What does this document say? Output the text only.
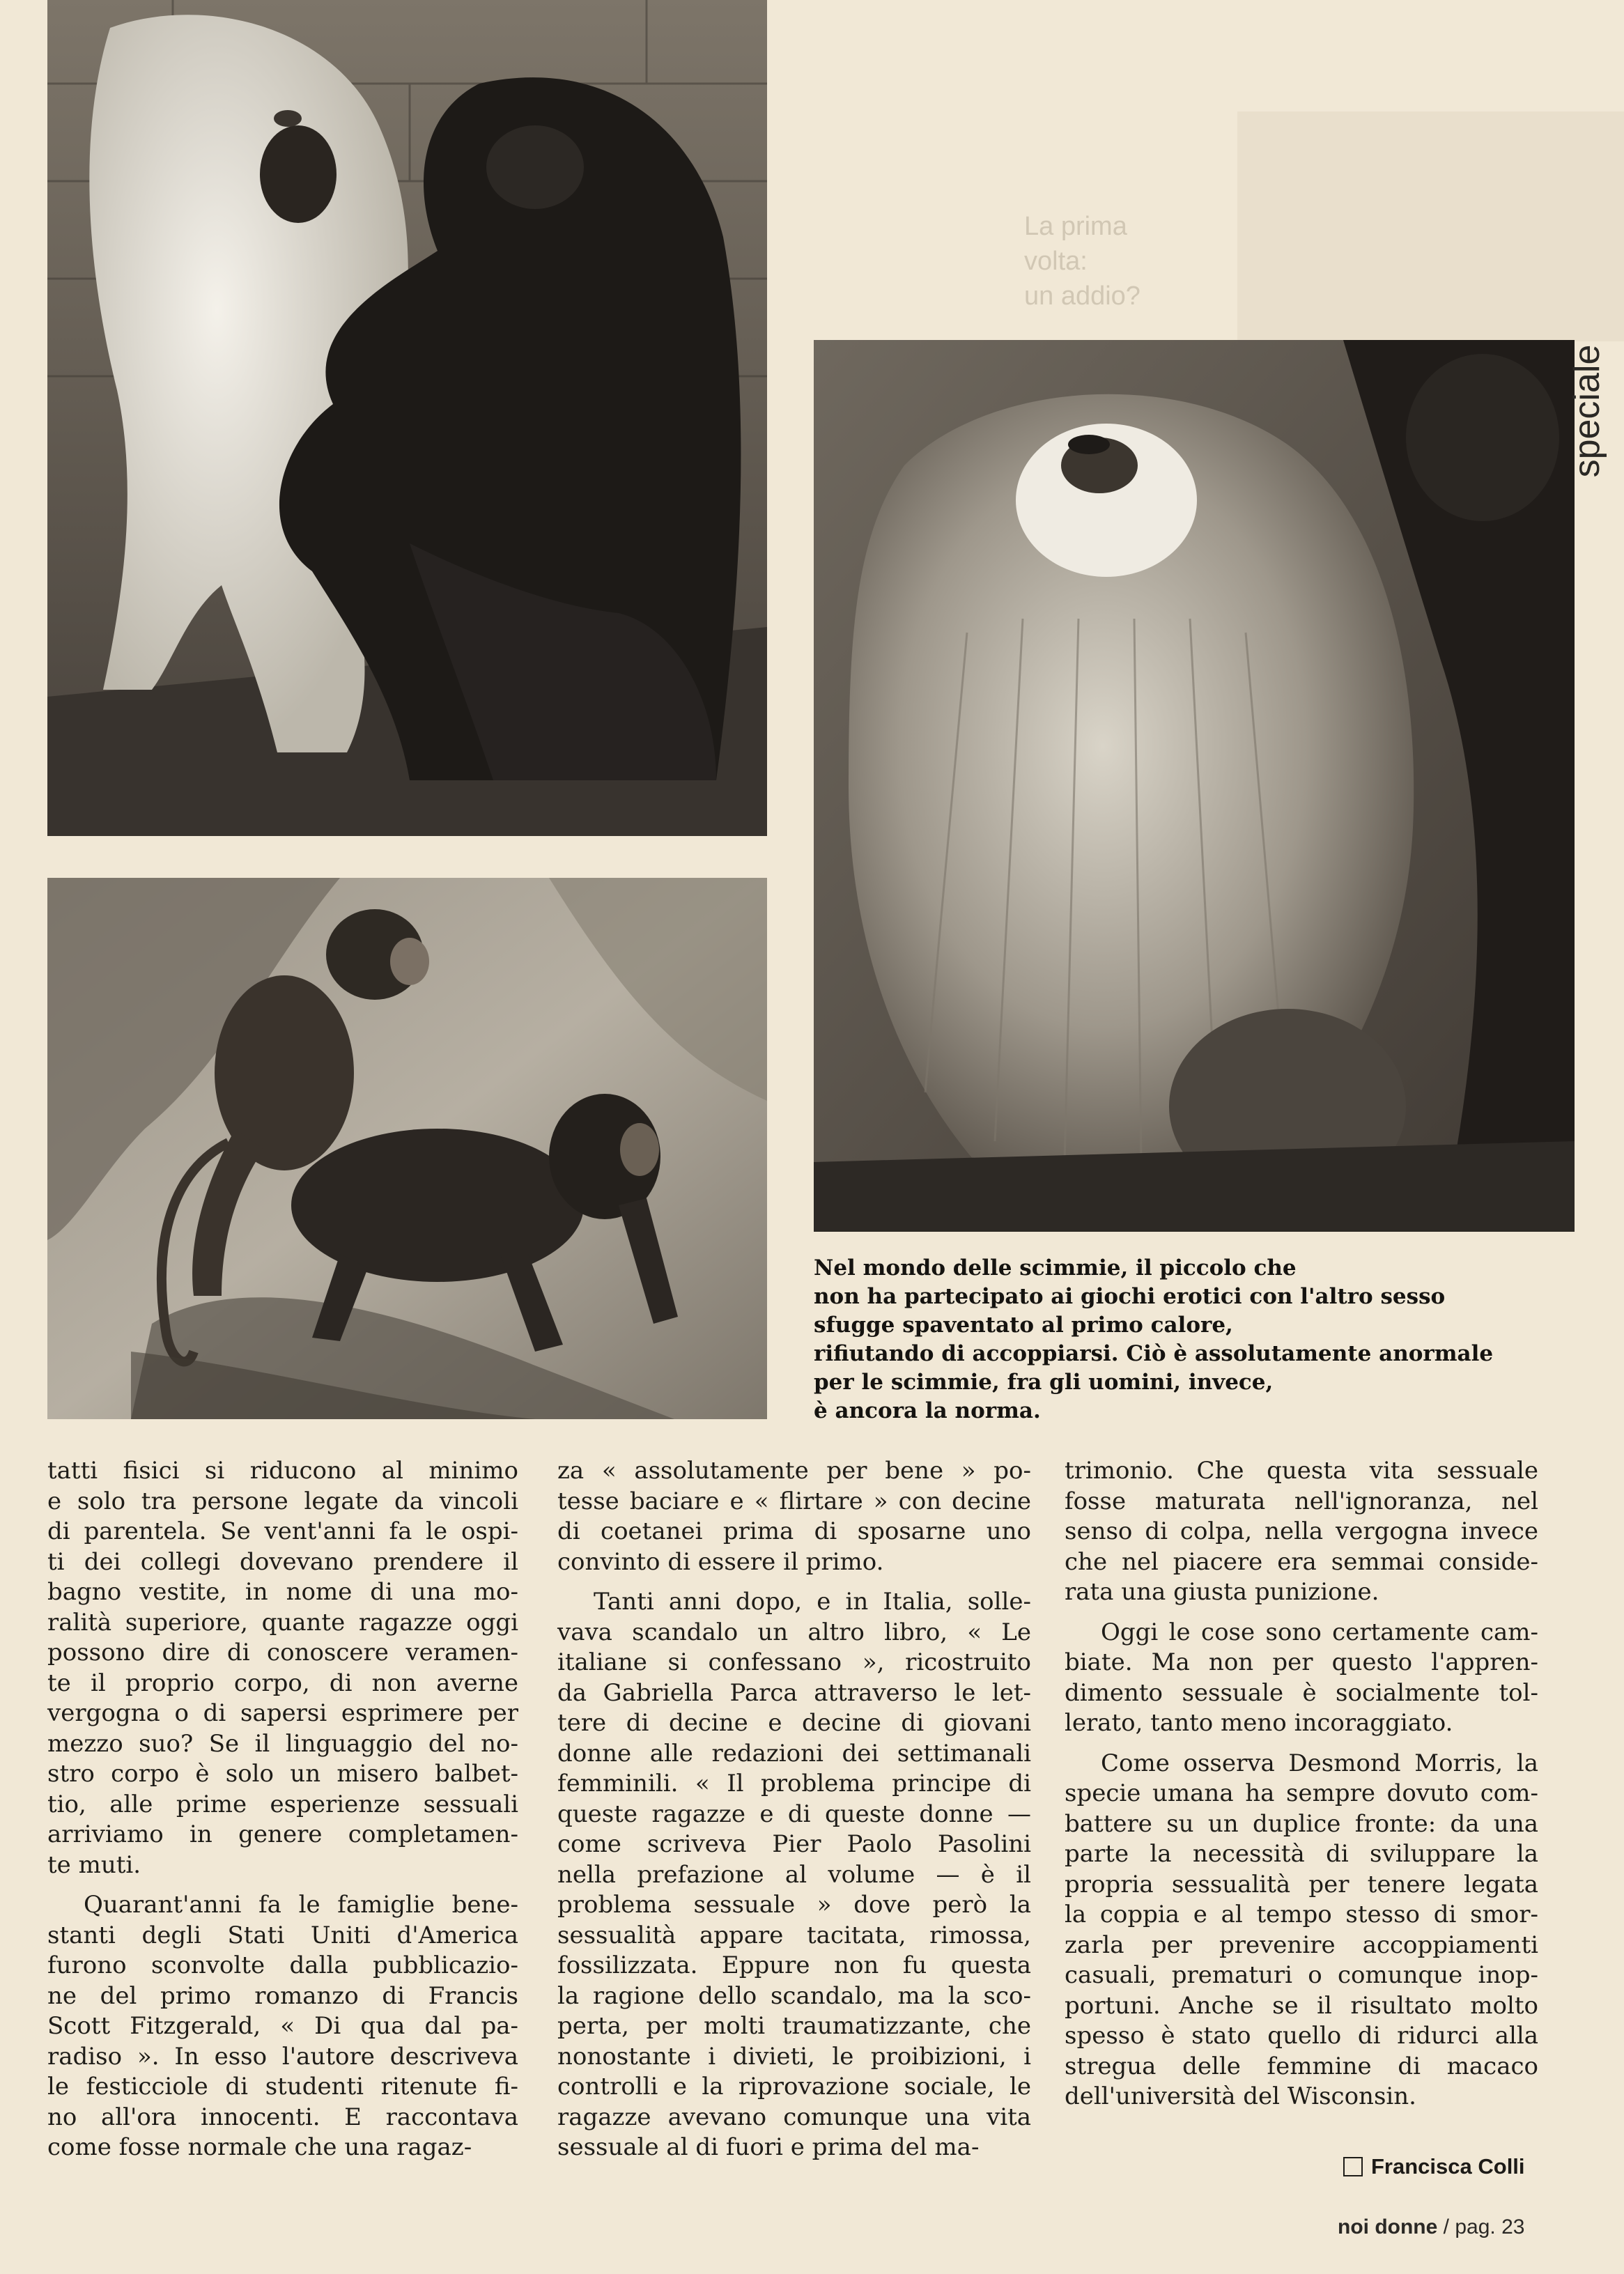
La prima
volta:
un addio?
speciale
Nel mondo delle scimmie, il piccolo che
non ha partecipato ai giochi erotici con l'altro sesso
sfugge spaventato al primo calore,
rifiutando di accoppiarsi. Ciò è assolutamente anormale
per le scimmie, fra gli uomini, invece,
è ancora la norma.

tatti fisici si riducono al minimo
e solo tra persone legate da vincoli
di parentela. Se vent'anni fa le ospi-
ti dei collegi dovevano prendere il
bagno vestite, in nome di una mo-
ralità superiore, quante ragazze oggi
possono dire di conoscere veramen-
te il proprio corpo, di non averne
vergogna o di sapersi esprimere per
mezzo suo? Se il linguaggio del no-
stro corpo è solo un misero balbet-
tio, alle prime esperienze sessuali
arriviamo in genere completamen-
te muti.

Quarant'anni fa le famiglie bene-
stanti degli Stati Uniti d'America
furono sconvolte dalla pubblicazio-
ne del primo romanzo di Francis
Scott Fitzgerald, « Di qua dal pa-
radiso ». In esso l'autore descriveva
le festicciole di studenti ritenute fi-
no all'ora innocenti. E raccontava
come fosse normale che una ragaz-

za « assolutamente per bene » po-
tesse baciare e « flirtare » con decine
di coetanei prima di sposarne uno
convinto di essere il primo.

Tanti anni dopo, e in Italia, solle-
vava scandalo un altro libro, « Le
italiane si confessano », ricostruito
da Gabriella Parca attraverso le let-
tere di decine e decine di giovani
donne alle redazioni dei settimanali
femminili. « Il problema principe di
queste ragazze e di queste donne —
come scriveva Pier Paolo Pasolini
nella prefazione al volume — è il
problema sessuale » dove però la
sessualità appare tacitata, rimossa,
fossilizzata. Eppure non fu questa
la ragione dello scandalo, ma la sco-
perta, per molti traumatizzante, che
nonostante i divieti, le proibizioni, i
controlli e la riprovazione sociale, le
ragazze avevano comunque una vita
sessuale al di fuori e prima del ma-

trimonio. Che questa vita sessuale
fosse maturata nell'ignoranza, nel
senso di colpa, nella vergogna invece
che nel piacere era semmai conside-
rata una giusta punizione.

Oggi le cose sono certamente cam-
biate. Ma non per questo l'appren-
dimento sessuale è socialmente tol-
lerato, tanto meno incoraggiato.

Come osserva Desmond Morris, la
specie umana ha sempre dovuto com-
battere su un duplice fronte: da una
parte la necessità di sviluppare la
propria sessualità per tenere legata
la coppia e al tempo stesso di smor-
zarla per prevenire accoppiamenti
casuali, prematuri o comunque inop-
portuni. Anche se il risultato molto
spesso è stato quello di ridurci alla
stregua delle femmine di macaco
dell'università del Wisconsin.

Francisca Colli
noi donne / pag. 23
